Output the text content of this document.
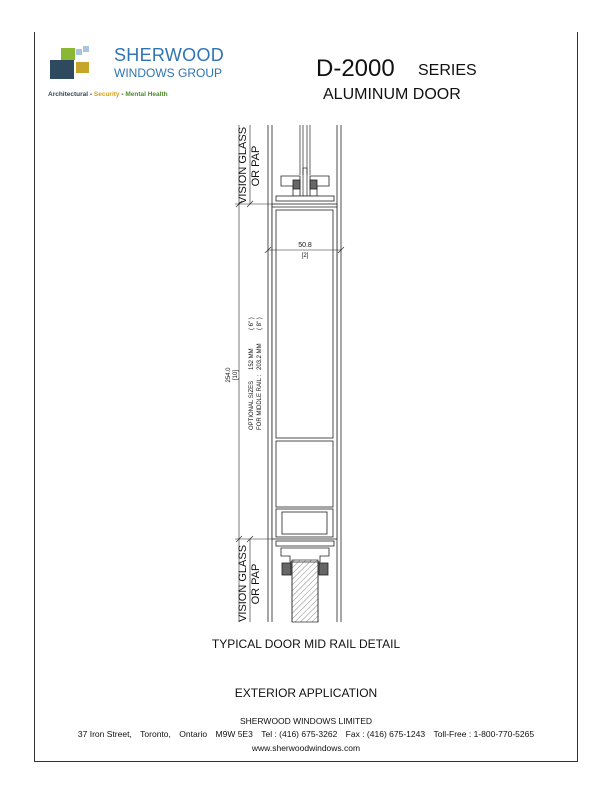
SHERWOOD
WINDOWS GROUP
Architectural - Security - Mental Health
D-2000 SERIES
ALUMINUM DOOR
VISION GLASS OR PAP
VISION GLASS OR PAP
50.8
[2]
254.0 [10]
OPTIONAL SIZES
152 MM
( 6" )
FOR MIDDLE RAIL :
203.2 MM
( 8" )
TYPICAL DOOR MID RAIL DETAIL
EXTERIOR APPLICATION
SHERWOOD WINDOWS LIMITED
37 Iron Street, Toronto, Ontario M9W 5E3 Tel : (416) 675-3262 Fax : (416) 675-1243 Toll-Free : 1-800-770-5265
www.sherwoodwindows.com
